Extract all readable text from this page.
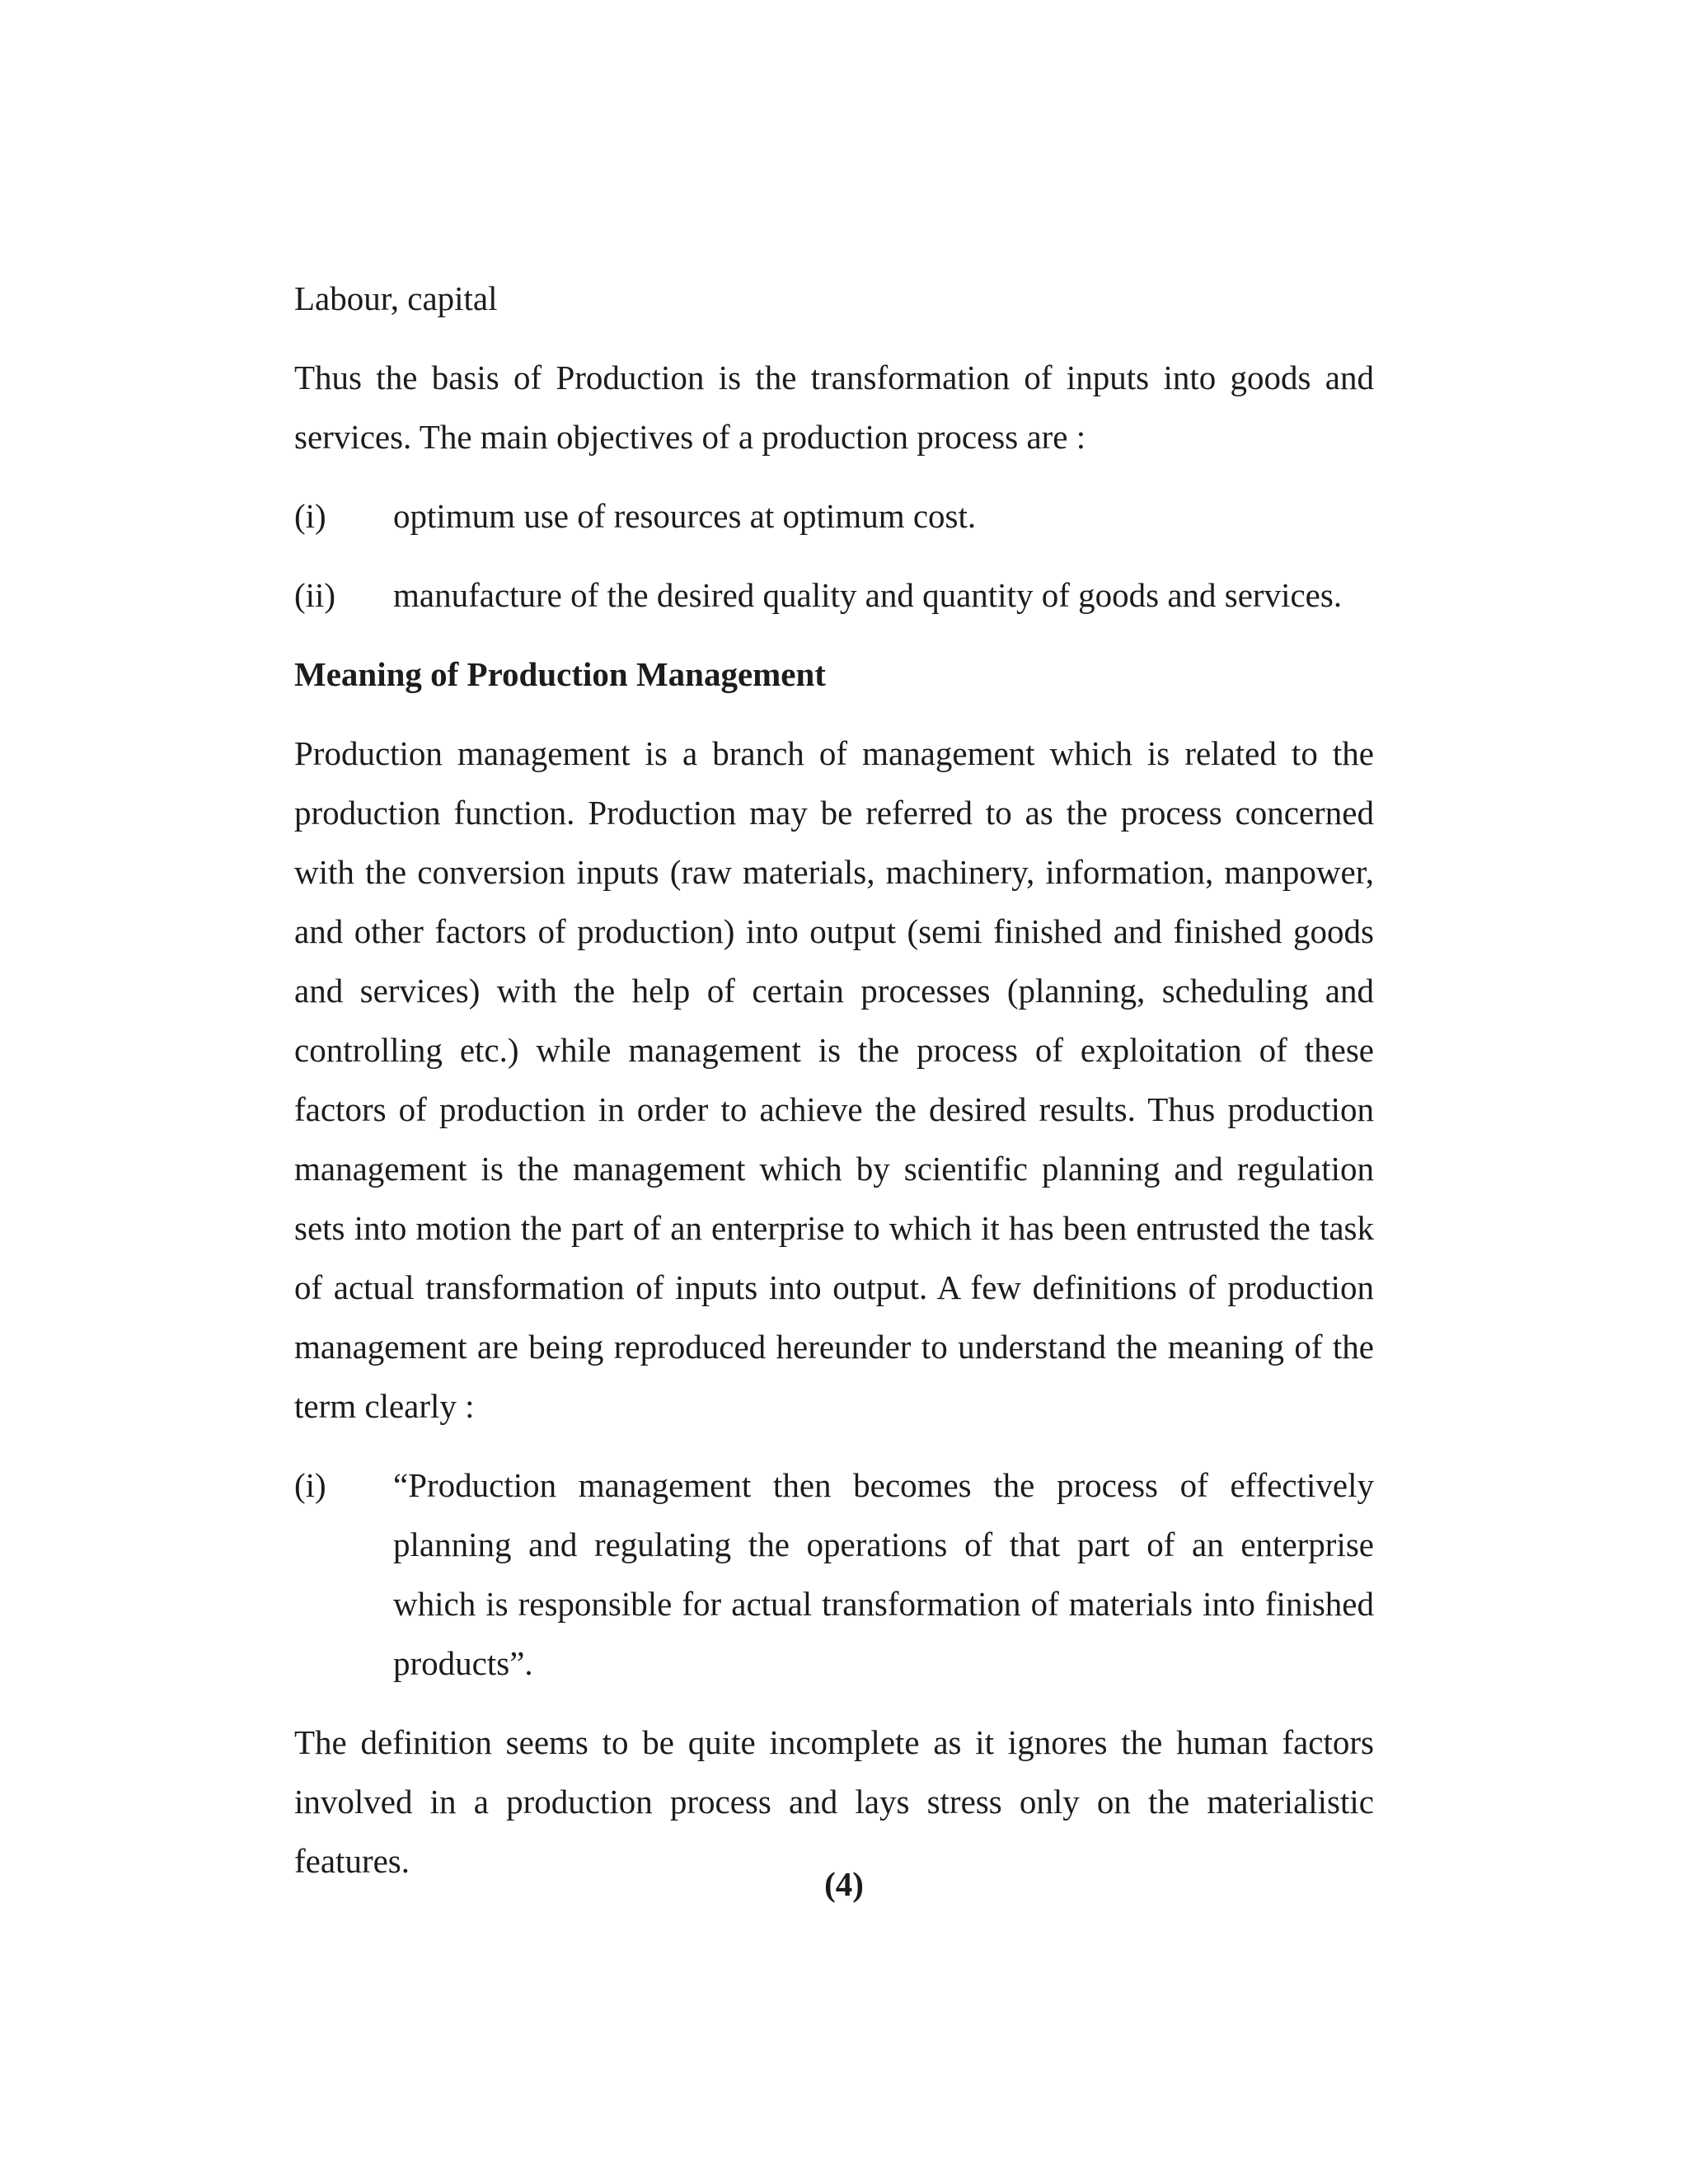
Labour, capital

Thus the basis of Production is the transformation of inputs into goods and services. The main objectives of a production process are :

(i)	optimum use of resources at optimum cost.
(ii)	manufacture of the desired quality and quantity of goods and services.
Meaning of Production Management

Production management is a branch of management which is related to the production function. Production may be referred to as the process concerned with the conversion inputs (raw materials, machinery, information, manpower, and other factors of production) into output (semi finished and finished goods and services) with the help of certain processes (planning, scheduling and controlling etc.) while management is the process of exploitation of these factors of production in order to achieve the desired results. Thus production management is the management which by scientific planning and regulation sets into motion the part of an enterprise to which it has been entrusted the task of actual transformation of inputs into output. A few definitions of production management are being reproduced hereunder to understand the meaning of the term clearly :

(i)	“Production management then becomes the process of effectively planning and regulating the operations of that part of an enterprise which is responsible for actual transformation of materials into finished products”.

The definition seems to be quite incomplete as it ignores the human factors involved in a production process and lays stress only on the materialistic features.

(4)
